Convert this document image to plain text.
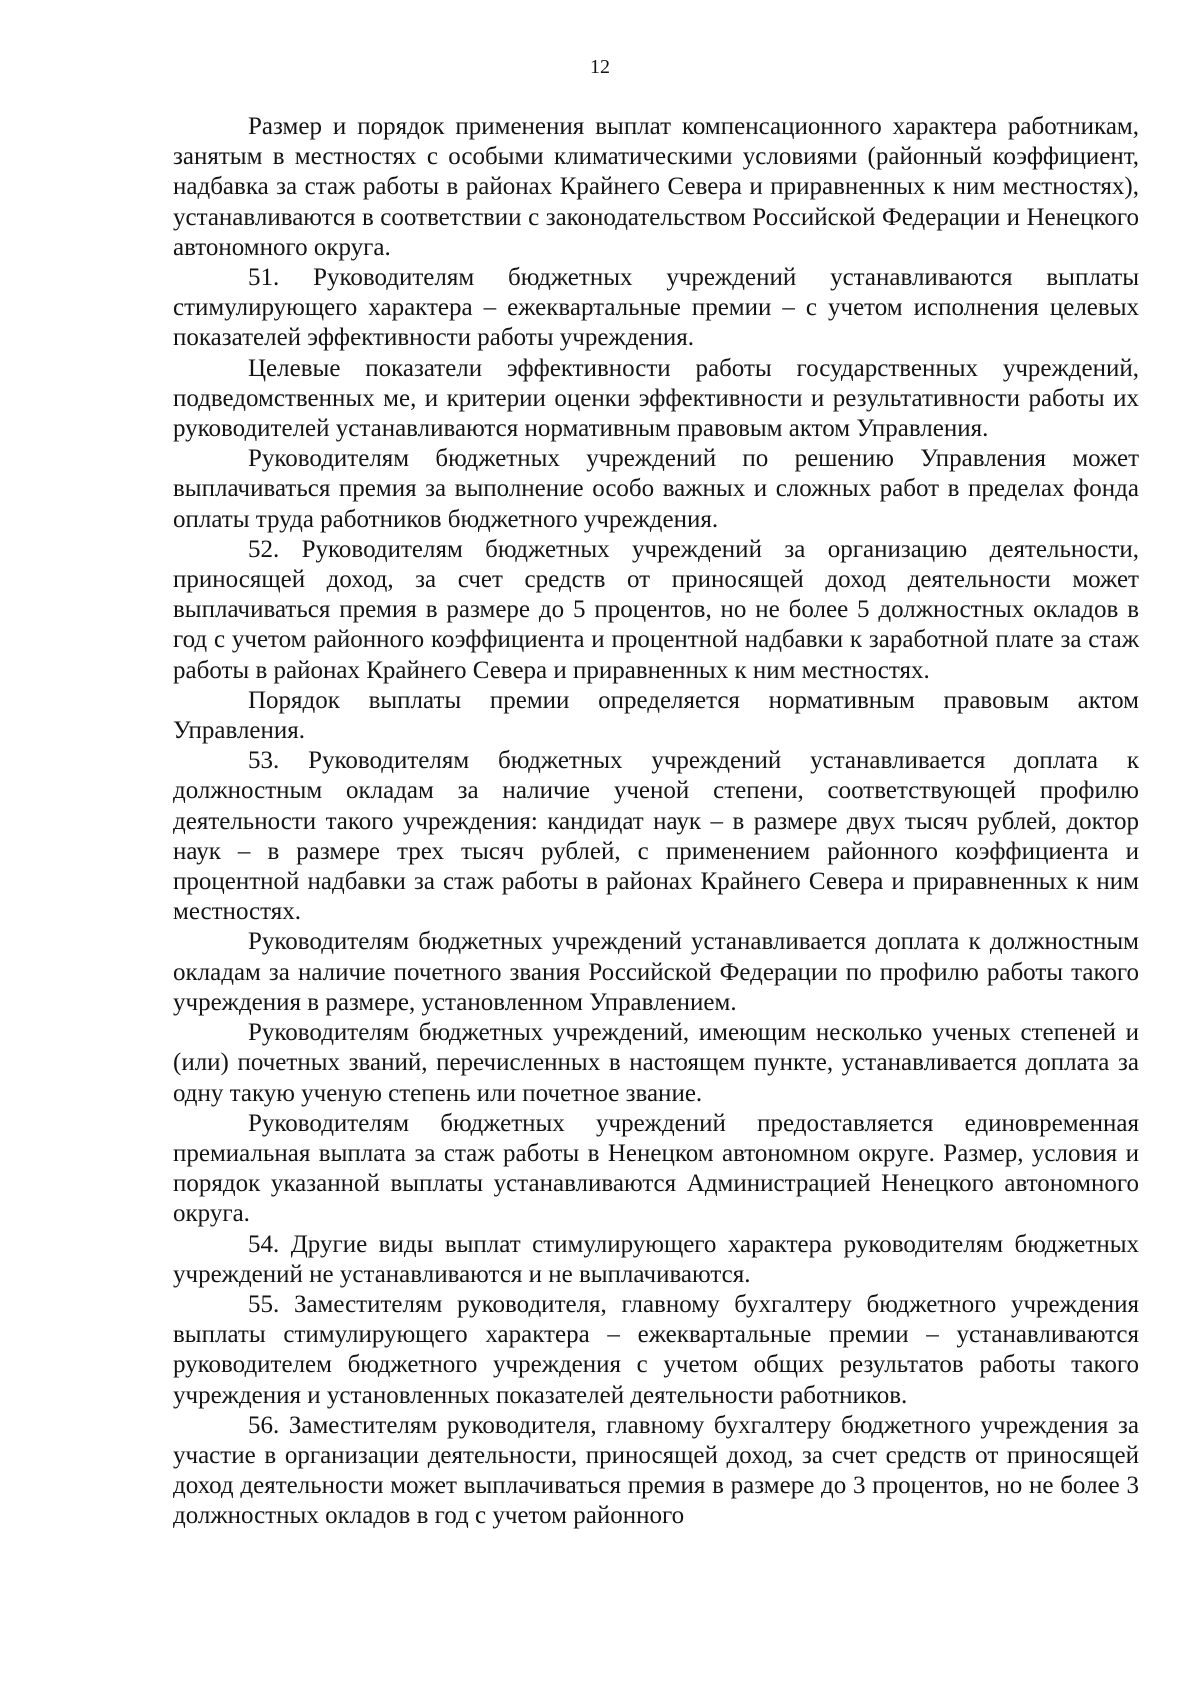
12

Размер и порядок применения выплат компенсационного характера работникам, занятым в местностях с особыми климатическими условиями (районный коэффициент, надбавка за стаж работы в районах Крайнего Севера и приравненных к ним местностях), устанавливаются в соответствии с законодательством Российской Федерации и Ненецкого автономного округа.

51. Руководителям бюджетных учреждений устанавливаются выплаты стимулирующего характера – ежеквартальные премии – с учетом исполнения целевых показателей эффективности работы учреждения.

Целевые показатели эффективности работы государственных учреждений, подведомственных ме, и критерии оценки эффективности и результативности работы их руководителей устанавливаются нормативным правовым актом Управления.

Руководителям бюджетных учреждений по решению Управления может выплачиваться премия за выполнение особо важных и сложных работ в пределах фонда оплаты труда работников бюджетного учреждения.

52. Руководителям бюджетных учреждений за организацию деятельности, приносящей доход, за счет средств от приносящей доход деятельности может выплачиваться премия в размере до 5 процентов, но не более 5 должностных окладов в год с учетом районного коэффициента и процентной надбавки к заработной плате за стаж работы в районах Крайнего Севера и приравненных к ним местностях.

Порядок выплаты премии определяется нормативным правовым актом Управления.

53. Руководителям бюджетных учреждений устанавливается доплата к должностным окладам за наличие ученой степени, соответствующей профилю деятельности такого учреждения: кандидат наук – в размере двух тысяч рублей, доктор наук – в размере трех тысяч рублей, с применением районного коэффициента и процентной надбавки за стаж работы в районах Крайнего Севера и приравненных к ним местностях.

Руководителям бюджетных учреждений устанавливается доплата к должностным окладам за наличие почетного звания Российской Федерации по профилю работы такого учреждения в размере, установленном Управлением.

Руководителям бюджетных учреждений, имеющим несколько ученых степеней и (или) почетных званий, перечисленных в настоящем пункте, устанавливается доплата за одну такую ученую степень или почетное звание.

Руководителям бюджетных учреждений предоставляется единовременная премиальная выплата за стаж работы в Ненецком автономном округе. Размер, условия и порядок указанной выплаты устанавливаются Администрацией Ненецкого автономного округа.

54. Другие виды выплат стимулирующего характера руководителям бюджетных учреждений не устанавливаются и не выплачиваются.

55. Заместителям руководителя, главному бухгалтеру бюджетного учреждения выплаты стимулирующего характера – ежеквартальные премии – устанавливаются руководителем бюджетного учреждения с учетом общих результатов работы такого учреждения и установленных показателей деятельности работников.

56. Заместителям руководителя, главному бухгалтеру бюджетного учреждения за участие в организации деятельности, приносящей доход, за счет средств от приносящей доход деятельности может выплачиваться премия в размере до 3 процентов, но не более 3 должностных окладов в год с учетом районного
